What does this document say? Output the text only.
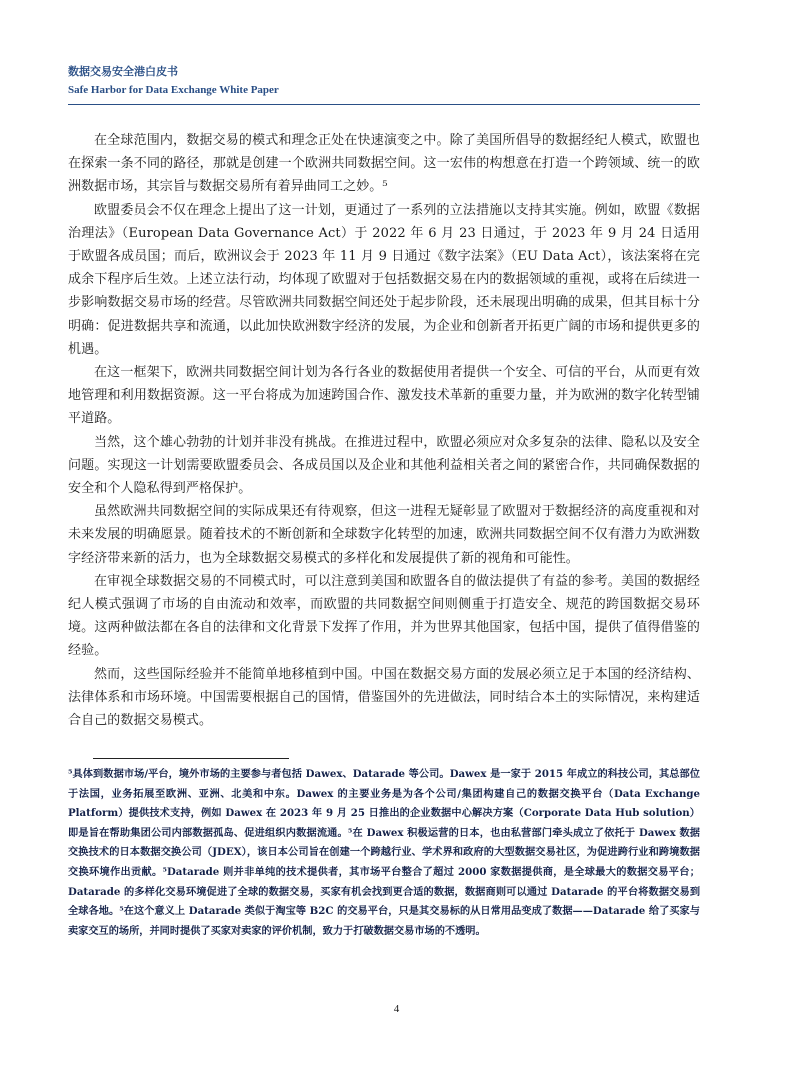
数据交易安全港白皮书
Safe Harbor for Data Exchange White Paper

在全球范围内，数据交易的模式和理念正处在快速演变之中。除了美国所倡导的数据经纪人模式，欧盟也在探索一条不同的路径，那就是创建一个欧洲共同数据空间。这一宏伟的构想意在打造一个跨领域、统一的欧洲数据市场，其宗旨与数据交易所有着异曲同工之妙。⁵

欧盟委员会不仅在理念上提出了这一计划，更通过了一系列的立法措施以支持其实施。例如，欧盟《数据治理法》（European Data Governance Act）于 2022 年 6 月 23 日通过，于 2023 年 9 月 24 日适用于欧盟各成员国；而后，欧洲议会于 2023 年 11 月 9 日通过《数字法案》（EU Data Act），该法案将在完成余下程序后生效。上述立法行动，均体现了欧盟对于包括数据交易在内的数据领域的重视，或将在后续进一步影响数据交易市场的经营。尽管欧洲共同数据空间还处于起步阶段，还未展现出明确的成果，但其目标十分明确：促进数据共享和流通，以此加快欧洲数字经济的发展，为企业和创新者开拓更广阔的市场和提供更多的机遇。

在这一框架下，欧洲共同数据空间计划为各行各业的数据使用者提供一个安全、可信的平台，从而更有效地管理和利用数据资源。这一平台将成为加速跨国合作、激发技术革新的重要力量，并为欧洲的数字化转型铺平道路。

当然，这个雄心勃勃的计划并非没有挑战。在推进过程中，欧盟必须应对众多复杂的法律、隐私以及安全问题。实现这一计划需要欧盟委员会、各成员国以及企业和其他利益相关者之间的紧密合作，共同确保数据的安全和个人隐私得到严格保护。

虽然欧洲共同数据空间的实际成果还有待观察，但这一进程无疑彰显了欧盟对于数据经济的高度重视和对未来发展的明确愿景。随着技术的不断创新和全球数字化转型的加速，欧洲共同数据空间不仅有潜力为欧洲数字经济带来新的活力，也为全球数据交易模式的多样化和发展提供了新的视角和可能性。

在审视全球数据交易的不同模式时，可以注意到美国和欧盟各自的做法提供了有益的参考。美国的数据经纪人模式强调了市场的自由流动和效率，而欧盟的共同数据空间则侧重于打造安全、规范的跨国数据交易环境。这两种做法都在各自的法律和文化背景下发挥了作用，并为世界其他国家，包括中国，提供了值得借鉴的经验。

然而，这些国际经验并不能简单地移植到中国。中国在数据交易方面的发展必须立足于本国的经济结构、法律体系和市场环境。中国需要根据自己的国情，借鉴国外的先进做法，同时结合本土的实际情况，来构建适合自己的数据交易模式。

⁵具体到数据市场/平台，境外市场的主要参与者包括 Dawex、Datarade 等公司。Dawex 是一家于 2015 年成立的科技公司，其总部位于法国，业务拓展至欧洲、亚洲、北美和中东。Dawex 的主要业务是为各个公司/集团构建自己的数据交换平台（Data Exchange Platform）提供技术支持，例如 Dawex 在 2023 年 9 月 25 日推出的企业数据中心解决方案（Corporate Data Hub solution）即是旨在帮助集团公司内部数据孤岛、促进组织内数据流通。⁵在 Dawex 积极运营的日本，也由私营部门牵头成立了依托于 Dawex 数据交换技术的日本数据交换公司（JDEX），该日本公司旨在创建一个跨越行业、学术界和政府的大型数据交易社区，为促进跨行业和跨境数据交换环境作出贡献。⁵Datarade 则并非单纯的技术提供者，其市场平台整合了超过 2000 家数据提供商，是全球最大的数据交易平台；Datarade 的多样化交易环境促进了全球的数据交易，买家有机会找到更合适的数据，数据商则可以通过 Datarade 的平台将数据交易到全球各地。⁵在这个意义上 Datarade 类似于淘宝等 B2C 的交易平台，只是其交易标的从日常用品变成了数据——Datarade 给了买家与卖家交互的场所，并同时提供了买家对卖家的评价机制，致力于打破数据交易市场的不透明。

4
